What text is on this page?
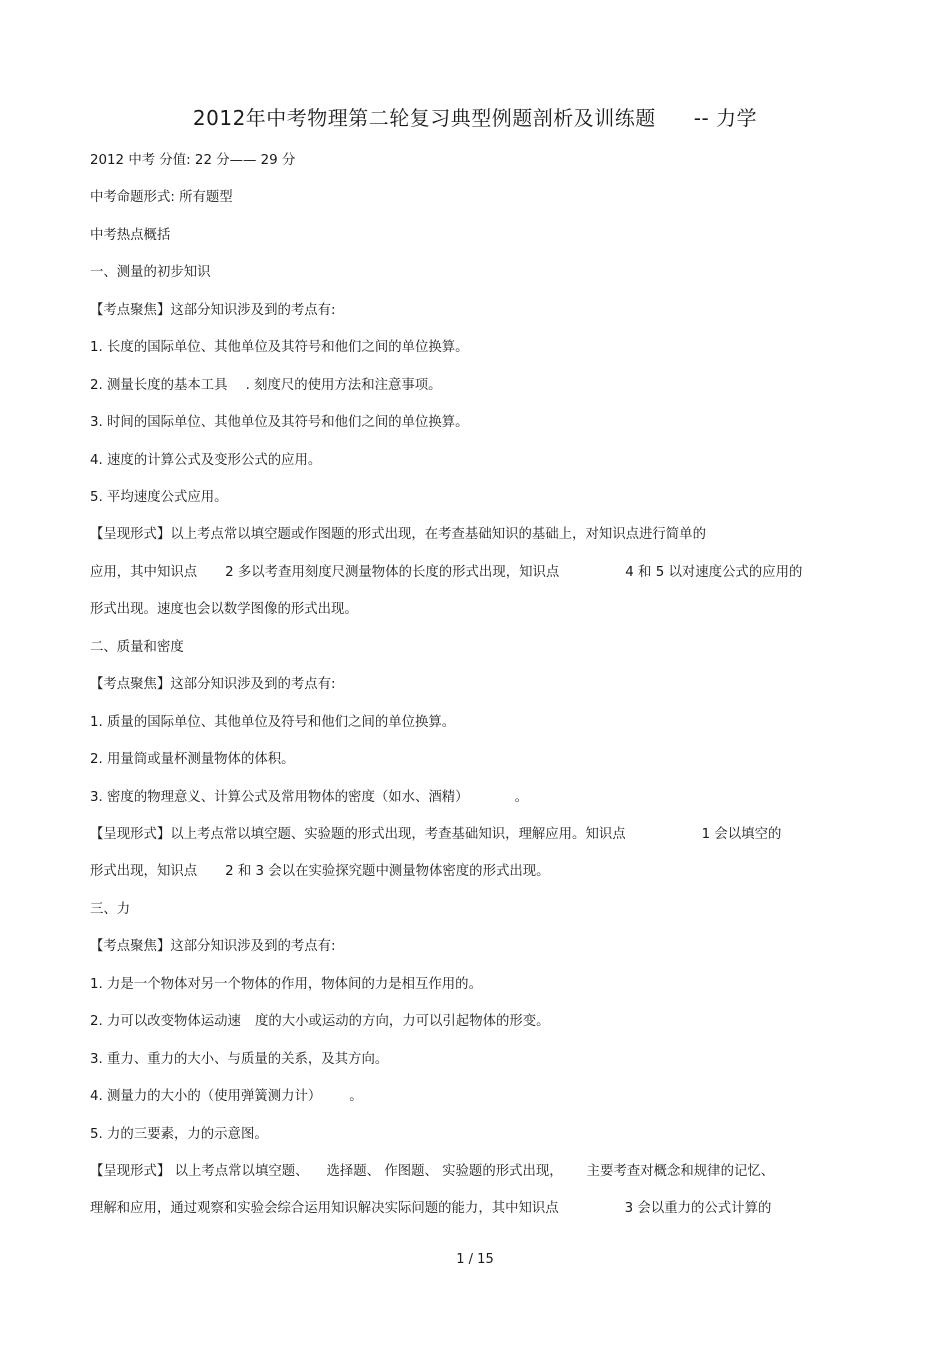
2012年中考物理第二轮复习典型例题剖析及训练题 -- 力学
2012 中考 分值: 22 分—— 29 分
中考命题形式: 所有题型
中考热点概括
一、测量的初步知识
【考点聚焦】这部分知识涉及到的考点有:
1. 长度的国际单位、其他单位及其符号和他们之间的单位换算。
2. 测量长度的基本工具 . 刻度尺的使用方法和注意事项。
3. 时间的国际单位、其他单位及其符号和他们之间的单位换算。
4. 速度的计算公式及变形公式的应用。
5. 平均速度公式应用。
【呈现形式】以上考点常以填空题或作图题的形式出现，在考查基础知识的基础上，对知识点进行简单的
应用，其中知识点 2 多以考查用刻度尺测量物体的长度的形式出现，知识点	4 和 5 以对速度公式的应用的
形式出现。速度也会以数学图像的形式出现。
二、质量和密度
【考点聚焦】这部分知识涉及到的考点有:
1. 质量的国际单位、其他单位及符号和他们之间的单位换算。
2. 用量筒或量杯测量物体的体积。
3. 密度的物理意义、计算公式及常用物体的密度（如水、酒精）	。
【呈现形式】以上考点常以填空题、实验题的形式出现，考查基础知识，理解应用。知识点	1 会以填空的
形式出现，知识点 2 和 3 会以在实验探究题中测量物体密度的形式出现。
三、力
【考点聚焦】这部分知识涉及到的考点有:
1. 力是一个物体对另一个物体的作用，物体间的力是相互作用的。
2. 力可以改变物体运动速 度的大小或运动的方向，力可以引起物体的形变。
3. 重力、重力的大小、与质量的关系，及其方向。
4. 测量力的大小的（使用弹簧测力计） 。
5. 力的三要素，力的示意图。
【呈现形式】 以上考点常以填空题、 选择题、 作图题、 实验题的形式出现， 主要考查对概念和规律的记忆、
理解和应用，通过观察和实验会综合运用知识解决实际问题的能力，其中知识点	3 会以重力的公式计算的
1 / 15
